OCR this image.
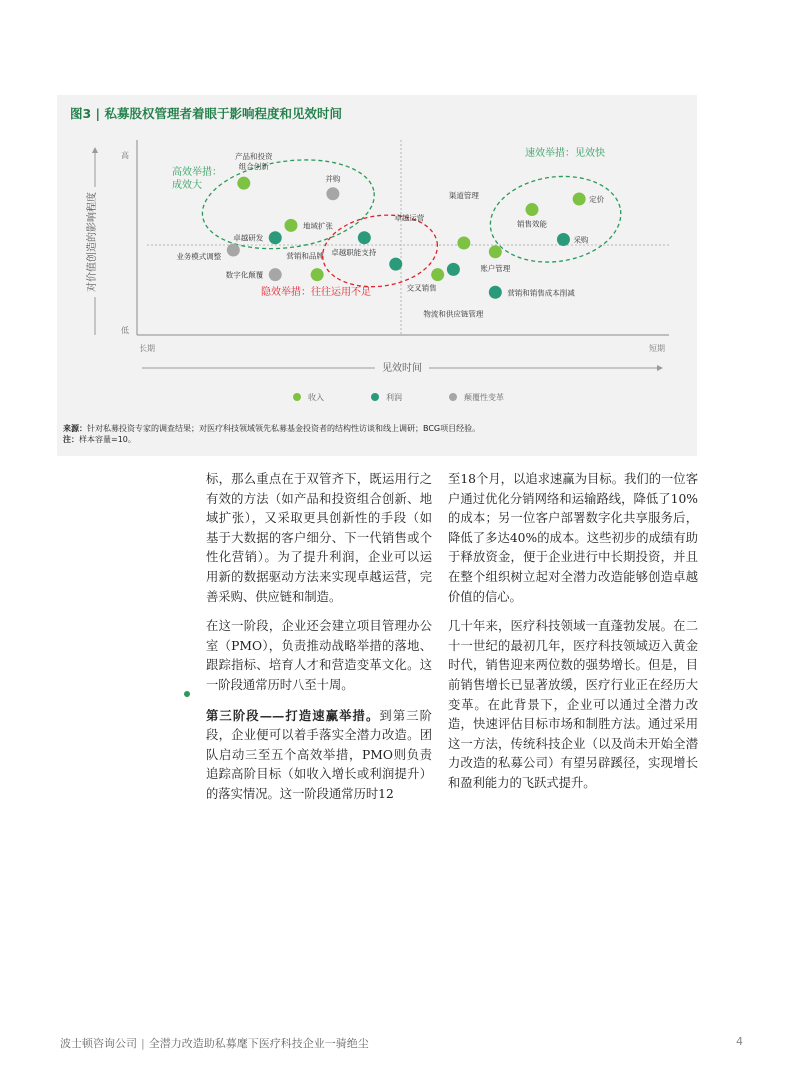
图3 | 私募股权管理者着眼于影响程度和见效时间
高
低
长期	短期
对价值创造的影响程度
见效时间
高效举措：
成效大
速效举措：见效快
隐效举措：往往运用不足
产品和投资
组合创新
并购
地域扩张
卓越研发
卓越运营
渠道管理
业务模式调整	营销和品牌
数字化颠覆
卓越职能支持
交叉销售
物流和供应链管理
账户管理
营销和销售成本削减
销售效能
定价
采购
收入	利润	颠覆性变革
来源：针对私募投资专家的调查结果；对医疗科技领域领先私募基金投资者的结构性访谈和线上调研；BCG项目经验。
注：样本容量=10。

标，那么重点在于双管齐下，既运用行之有效的方法（如产品和投资组合创新、地域扩张），又采取更具创新性的手段（如基于大数据的客户细分、下一代销售或个性化营销）。为了提升利润，企业可以运用新的数据驱动方法来实现卓越运营，完善采购、供应链和制造。

在这一阶段，企业还会建立项目管理办公室（PMO），负责推动战略举措的落地、跟踪指标、培育人才和营造变革文化。这一阶段通常历时八至十周。

第三阶段——打造速赢举措。到第三阶段，企业便可以着手落实全潜力改造。团队启动三至五个高效举措，PMO则负责追踪高阶目标（如收入增长或利润提升）的落实情况。这一阶段通常历时12

至18个月，以追求速赢为目标。我们的一位客户通过优化分销网络和运输路线，降低了10%的成本；另一位客户部署数字化共享服务后，降低了多达40%的成本。这些初步的成绩有助于释放资金，便于企业进行中长期投资，并且在整个组织树立起对全潜力改造能够创造卓越价值的信心。

几十年来，医疗科技领域一直蓬勃发展。在二十一世纪的最初几年，医疗科技领域迈入黄金时代，销售迎来两位数的强势增长。但是，目前销售增长已显著放缓，医疗行业正在经历大变革。在此背景下，企业可以通过全潜力改造，快速评估目标市场和制胜方法。通过采用这一方法，传统科技企业（以及尚未开始全潜力改造的私募公司）有望另辟蹊径，实现增长和盈利能力的飞跃式提升。

波士顿咨询公司 | 全潜力改造助私募麾下医疗科技企业一骑绝尘	4
